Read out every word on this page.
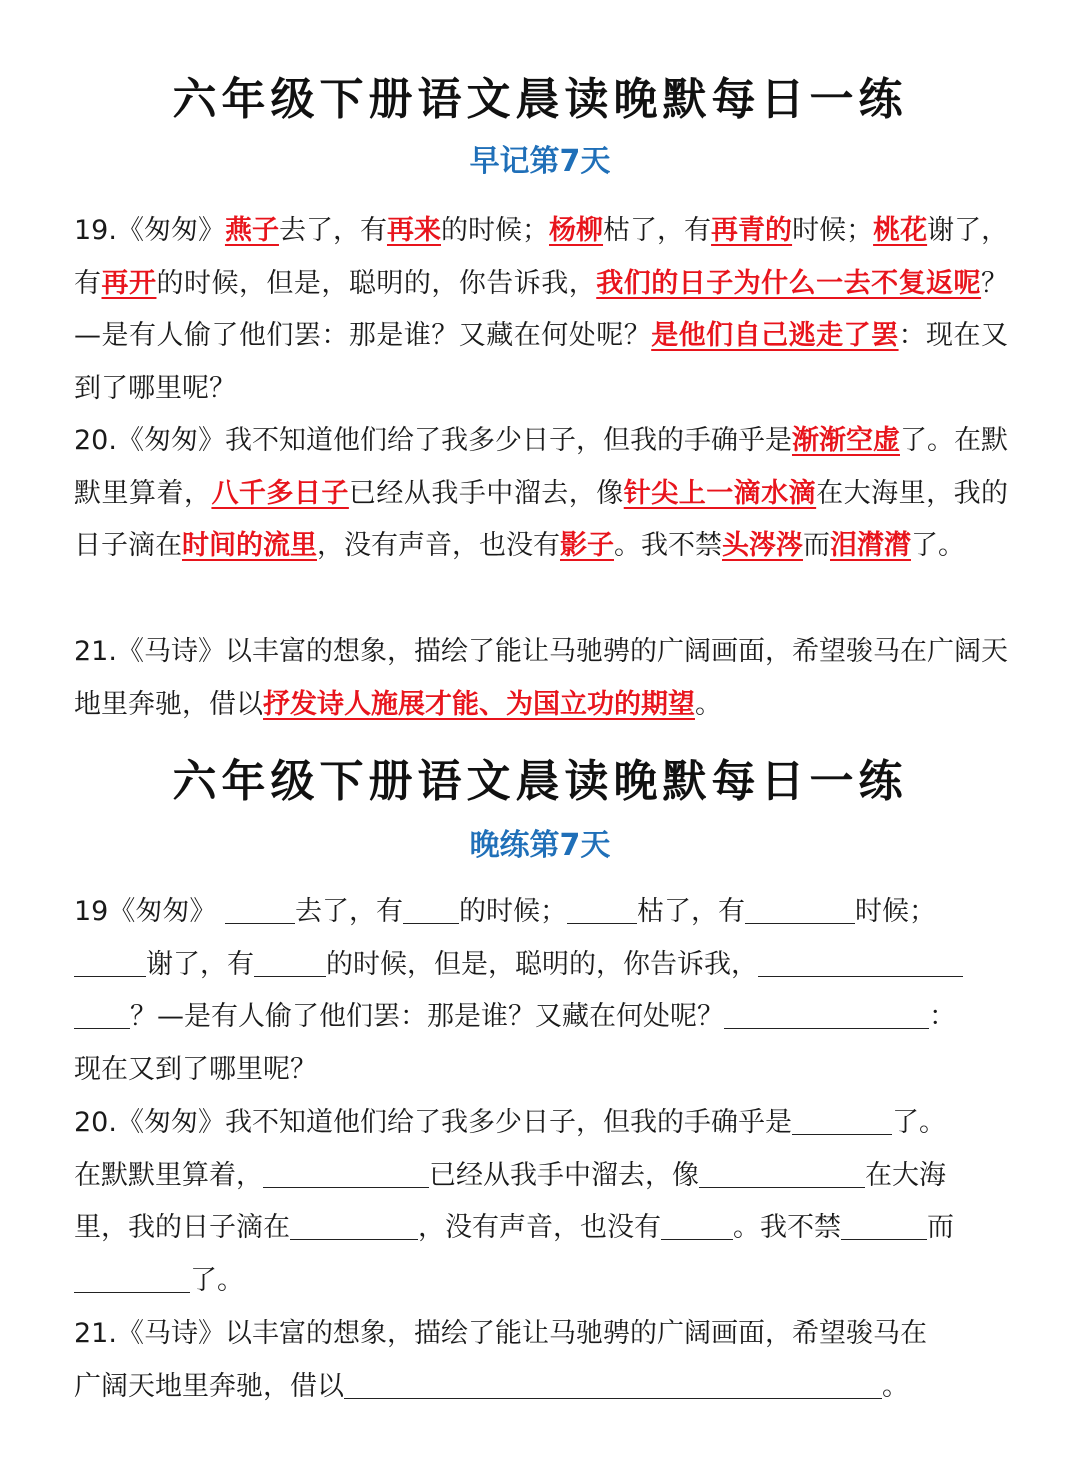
六年级下册语文晨读晚默每日一练
早记第7天

19.《匆匆》燕子去了，有再来的时候；杨柳枯了，有再青的时候；桃花谢了，有再开的时候，但是，聪明的，你告诉我，我们的日子为什么一去不复返呢？—是有人偷了他们罢：那是谁？又藏在何处呢？是他们自己逃走了罢：现在又到了哪里呢？

20.《匆匆》我不知道他们给了我多少日子，但我的手确乎是渐渐空虚了。在默默里算着，八千多日子已经从我手中溜去，像针尖上一滴水滴在大海里，我的日子滴在时间的流里，没有声音，也没有影子。我不禁头涔涔而泪潸潸了。

21.《马诗》以丰富的想象，描绘了能让马驰骋的广阔画面，希望骏马在广阔天地里奔驰，借以抒发诗人施展才能、为国立功的期望。

六年级下册语文晨读晚默每日一练
晚练第7天

19《匆匆》	去了，有 的时候；	枯了，有	时候；
谢了，有	的时候，但是，聪明的，你告诉我，
？—是有人偷了他们罢：那是谁？又藏在何处呢？	：
现在又到了哪里呢？

20.《匆匆》我不知道他们给了我多少日子，但我的手确乎是	了。
在默默里算着，	已经从我手中溜去，像	在大海
里，我的日子滴在	，没有声音，也没有	。我不禁	而
了。

21.《马诗》以丰富的想象，描绘了能让马驰骋的广阔画面，希望骏马在
广阔天地里奔驰，借以	。
